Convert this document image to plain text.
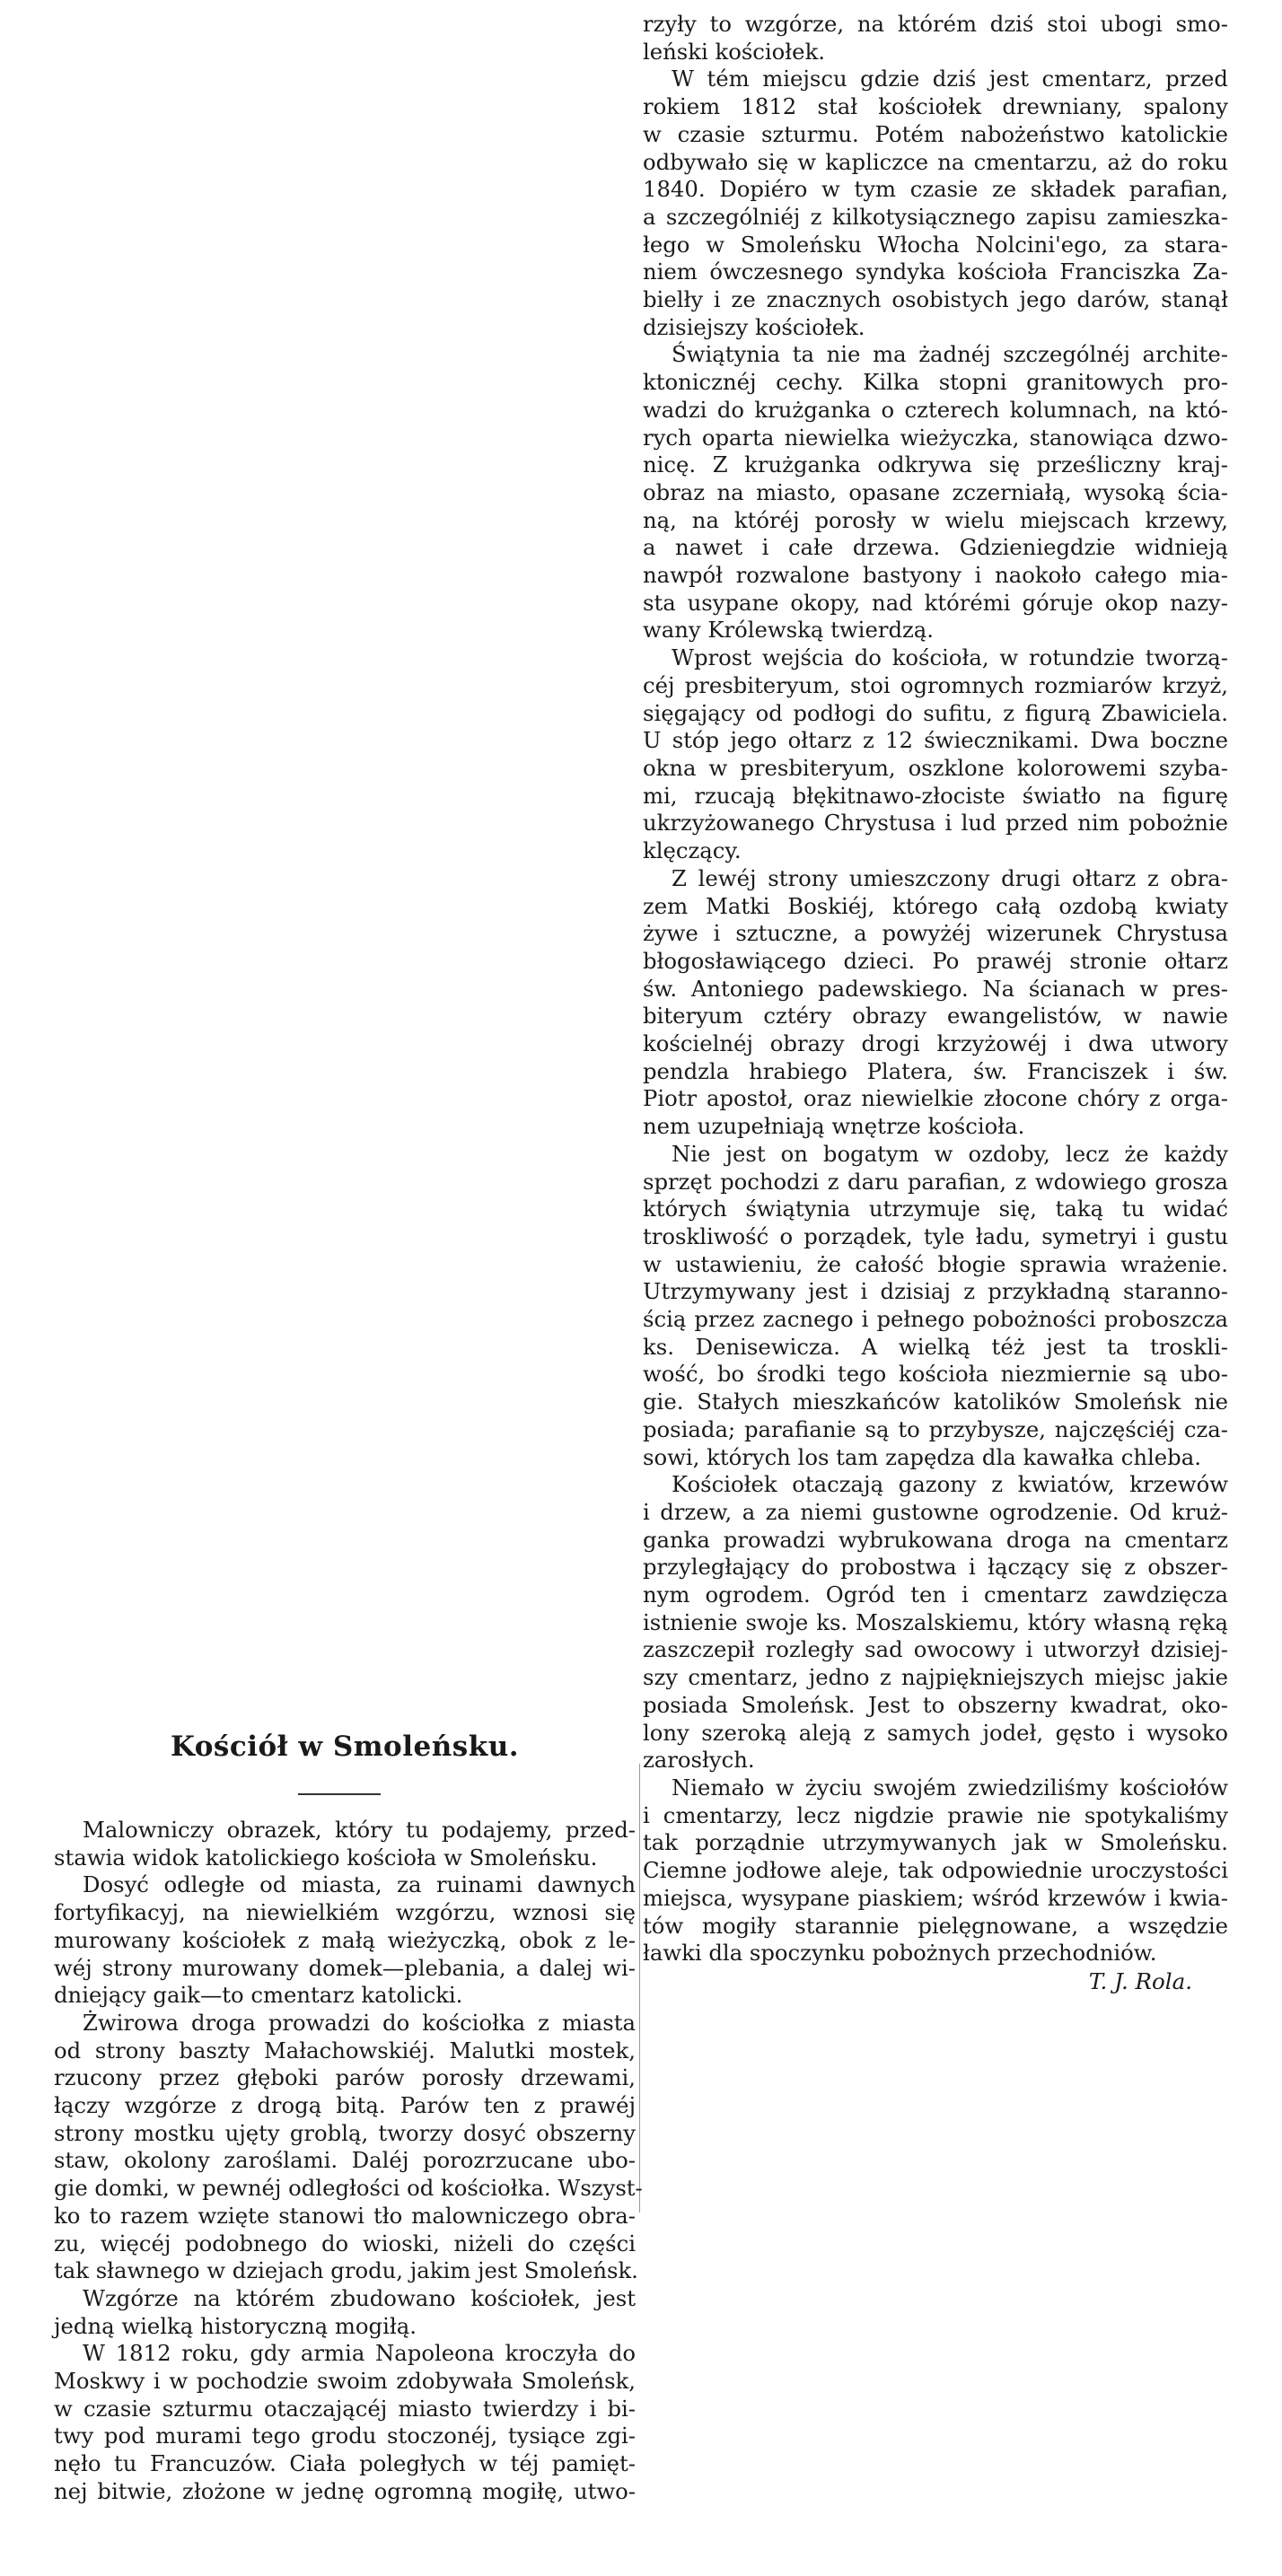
Kościół w Smoleńsku.

Malowniczy obrazek, który tu podajemy, przed-
stawia widok katolickiego kościoła w Smoleńsku.

Dosyć odległe od miasta, za ruinami dawnych
fortyfikacyj, na niewielkiém wzgórzu, wznosi się
murowany kościołek z małą wieżyczką, obok z le-
wéj strony murowany domek—plebania, a dalej wi-
dniejący gaik—to cmentarz katolicki.

Żwirowa droga prowadzi do kościołka z miasta
od strony baszty Małachowskiéj. Malutki mostek,
rzucony przez głęboki parów porosły drzewami,
łączy wzgórze z drogą bitą. Parów ten z prawéj
strony mostku ujęty groblą, tworzy dosyć obszerny
staw, okolony zaroślami. Daléj porozrzucane ubo-
gie domki, w pewnéj odległości od kościołka. Wszyst-
ko to razem wzięte stanowi tło malowniczego obra-
zu, więcéj podobnego do wioski, niżeli do części
tak sławnego w dziejach grodu, jakim jest Smoleńsk.

Wzgórze na którém zbudowano kościołek, jest
jedną wielką historyczną mogiłą.

W 1812 roku, gdy armia Napoleona kroczyła do
Moskwy i w pochodzie swoim zdobywała Smoleńsk,
w czasie szturmu otaczającéj miasto twierdzy i bi-
twy pod murami tego grodu stoczonéj, tysiące zgi-
nęło tu Francuzów. Ciała poległych w téj pamięt-
nej bitwie, złożone w jednę ogromną mogiłę, utwo-

rzyły to wzgórze, na którém dziś stoi ubogi smo-
leński kościołek.

W tém miejscu gdzie dziś jest cmentarz, przed
rokiem 1812 stał kościołek drewniany, spalony
w czasie szturmu. Potém nabożeństwo katolickie
odbywało się w kapliczce na cmentarzu, aż do roku
1840. Dopiéro w tym czasie ze składek parafian,
a szczególniéj z kilkotysiącznego zapisu zamieszka-
łego w Smoleńsku Włocha Nolcini'ego, za stara-
niem ówczesnego syndyka kościoła Franciszka Za-
bielły i ze znacznych osobistych jego darów, stanął
dzisiejszy kościołek.

Świątynia ta nie ma żadnéj szczególnéj archite-
ktonicznéj cechy. Kilka stopni granitowych pro-
wadzi do krużganka o czterech kolumnach, na któ-
rych oparta niewielka wieżyczka, stanowiąca dzwo-
nicę. Z krużganka odkrywa się prześliczny kraj-
obraz na miasto, opasane zczerniałą, wysoką ścia-
ną, na któréj porosły w wielu miejscach krzewy,
a nawet i całe drzewa. Gdzieniegdzie widnieją
nawpół rozwalone bastyony i naokoło całego mia-
sta usypane okopy, nad którémi góruje okop nazy-
wany Królewską twierdzą.

Wprost wejścia do kościoła, w rotundzie tworzą-
céj presbiteryum, stoi ogromnych rozmiarów krzyż,
sięgający od podłogi do sufitu, z figurą Zbawiciela.
U stóp jego ołtarz z 12 świecznikami. Dwa boczne
okna w presbiteryum, oszklone kolorowemi szyba-
mi, rzucają błękitnawo-złociste światło na figurę
ukrzyżowanego Chrystusa i lud przed nim pobożnie
klęczący.

Z lewéj strony umieszczony drugi ołtarz z obra-
zem Matki Boskiéj, którego całą ozdobą kwiaty
żywe i sztuczne, a powyżéj wizerunek Chrystusa
błogosławiącego dzieci. Po prawéj stronie ołtarz
św. Antoniego padewskiego. Na ścianach w pres-
biteryum cztéry obrazy ewangelistów, w nawie
kościelnéj obrazy drogi krzyżowéj i dwa utwory
pendzla hrabiego Platera, św. Franciszek i św.
Piotr apostoł, oraz niewielkie złocone chóry z orga-
nem uzupełniają wnętrze kościoła.

Nie jest on bogatym w ozdoby, lecz że każdy
sprzęt pochodzi z daru parafian, z wdowiego grosza
których świątynia utrzymuje się, taką tu widać
troskliwość o porządek, tyle ładu, symetryi i gustu
w ustawieniu, że całość błogie sprawia wrażenie.
Utrzymywany jest i dzisiaj z przykładną staranno-
ścią przez zacnego i pełnego pobożności proboszcza
ks. Denisewicza. A wielką téż jest ta troskli-
wość, bo środki tego kościoła niezmiernie są ubo-
gie. Stałych mieszkańców katolików Smoleńsk nie
posiada; parafianie są to przybysze, najczęściéj cza-
sowi, których los tam zapędza dla kawałka chleba.

Kościołek otaczają gazony z kwiatów, krzewów
i drzew, a za niemi gustowne ogrodzenie. Od kruż-
ganka prowadzi wybrukowana droga na cmentarz
przyległający do probostwa i łączący się z obszer-
nym ogrodem. Ogród ten i cmentarz zawdzięcza
istnienie swoje ks. Moszalskiemu, który własną ręką
zaszczepił rozległy sad owocowy i utworzył dzisiej-
szy cmentarz, jedno z najpiękniejszych miejsc jakie
posiada Smoleńsk. Jest to obszerny kwadrat, oko-
lony szeroką aleją z samych jodeł, gęsto i wysoko
zarosłych.

Niemało w życiu swojém zwiedziliśmy kościołów
i cmentarzy, lecz nigdzie prawie nie spotykaliśmy
tak porządnie utrzymywanych jak w Smoleńsku.
Ciemne jodłowe aleje, tak odpowiednie uroczystości
miejsca, wysypane piaskiem; wśród krzewów i kwia-
tów mogiły starannie pielęgnowane, a wszędzie
ławki dla spoczynku pobożnych przechodniów.

T. J. Rola.
